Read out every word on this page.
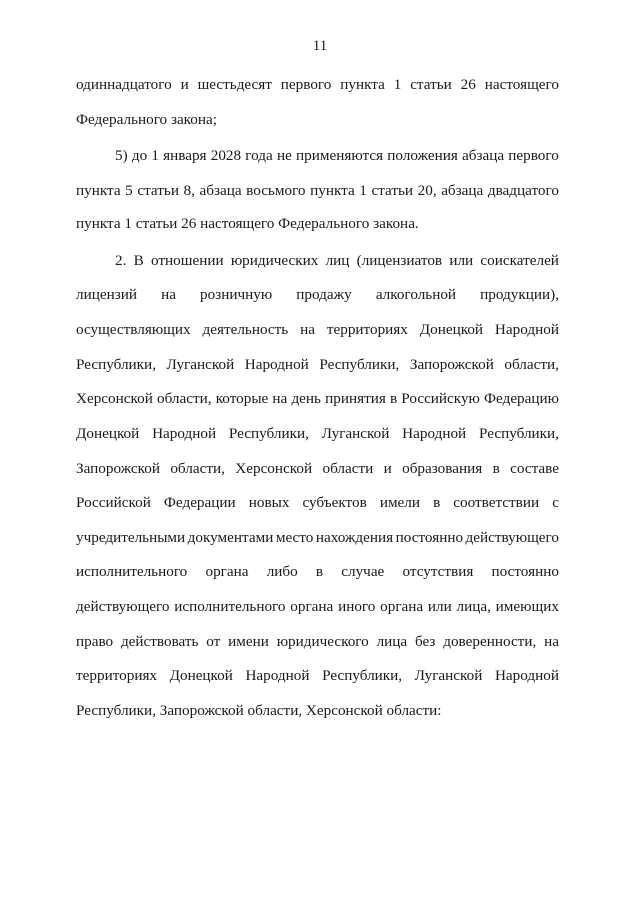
11
одиннадцатого и шестьдесят первого пункта 1 статьи 26 настоящего
Федерального закона;
5) до 1 января 2028 года не применяются положения абзаца первого
пункта 5 статьи 8, абзаца восьмого пункта 1 статьи 20, абзаца двадцатого
пункта 1 статьи 26 настоящего Федерального закона.
2. В отношении юридических лиц (лицензиатов или соискателей
лицензий на розничную продажу алкогольной продукции),
осуществляющих деятельность на территориях Донецкой Народной
Республики, Луганской Народной Республики, Запорожской области,
Херсонской области, которые на день принятия в Российскую Федерацию
Донецкой Народной Республики, Луганской Народной Республики,
Запорожской области, Херсонской области и образования в составе
Российской Федерации новых субъектов имели в соответствии с
учредительными документами место нахождения постоянно действующего
исполнительного органа либо в случае отсутствия постоянно
действующего исполнительного органа иного органа или лица, имеющих
право действовать от имени юридического лица без доверенности, на
территориях Донецкой Народной Республики, Луганской Народной
Республики, Запорожской области, Херсонской области:
